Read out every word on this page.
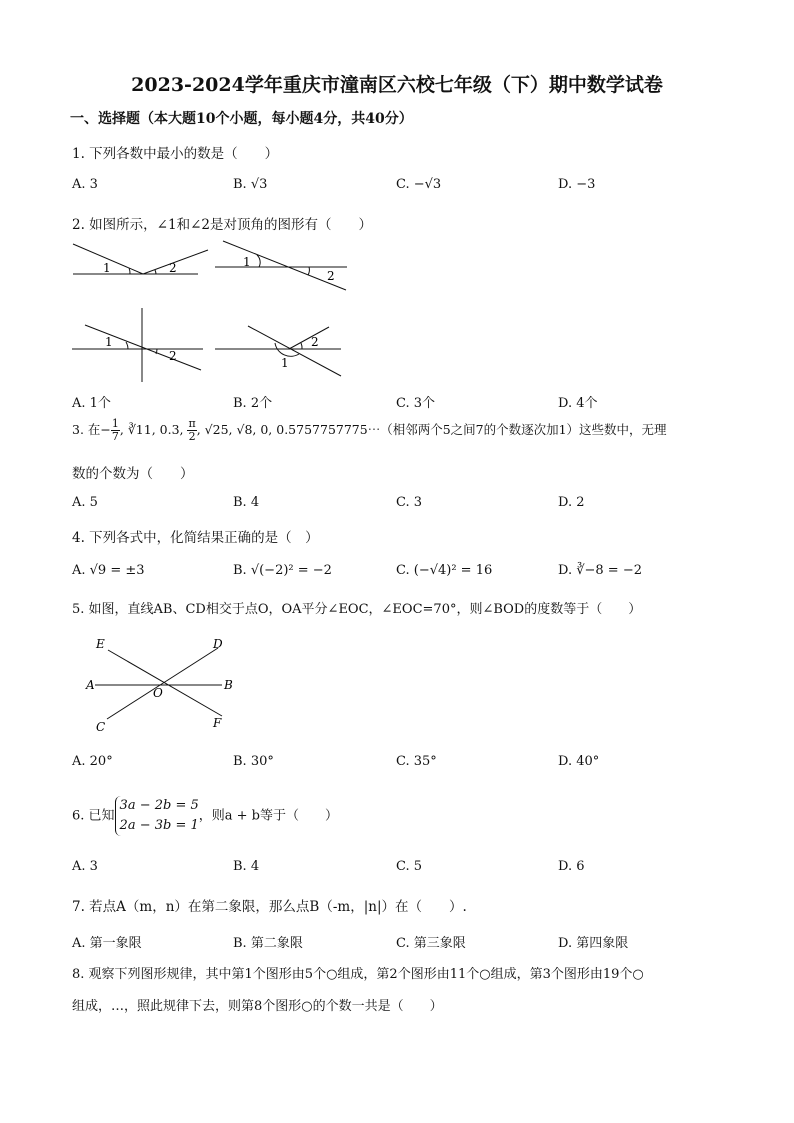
2023-2024学年重庆市潼南区六校七年级（下）期中数学试卷
一、选择题（本大题10个小题，每小题4分，共40分）
1. 下列各数中最小的数是（　　）
A. 3	B. √3	C. −√3	D. −3
2. 如图所示，∠1和∠2是对顶角的图形有（　　）
1	2	1
2
1
2
2
1
A. 1个	B. 2个	C. 3个	D. 4个
3. 在− $\frac{1}{7}$ , ∛11, 0.3, $\frac{\pi}{2}$ , √25, √8, 0, 0.5757757775⋯（相邻两个5之间7的个数逐次加1）这些数中，无理
数的个数为（　　）
A. 5	B. 4	C. 3	D. 2
4. 下列各式中，化简结果正确的是（　）
A. √9 = ±3	B. √(−2)² = −2	C. (−√4)² = 16	D. ∛−8 = −2
5. 如图，直线AB、CD相交于点O，OA平分∠EOC，∠EOC=70°，则∠BOD的度数等于（　　）
E	D
A
O
B
C	F
A. 20°	B. 30°	C. 35°	D. 40°
6. 已知
3a − 2b = 5
2a − 3b = 1
，则a + b等于（　　）
A. 3	B. 4	C. 5	D. 6
7. 若点A（m，n）在第二象限，那么点B（-m，|n|）在（　　）.
A. 第一象限	B. 第二象限	C. 第三象限	D. 第四象限
8. 观察下列图形规律，其中第1个图形由5个○组成，第2个图形由11个○组成，第3个图形由19个○
组成，…，照此规律下去，则第8个图形○的个数一共是（　　）
